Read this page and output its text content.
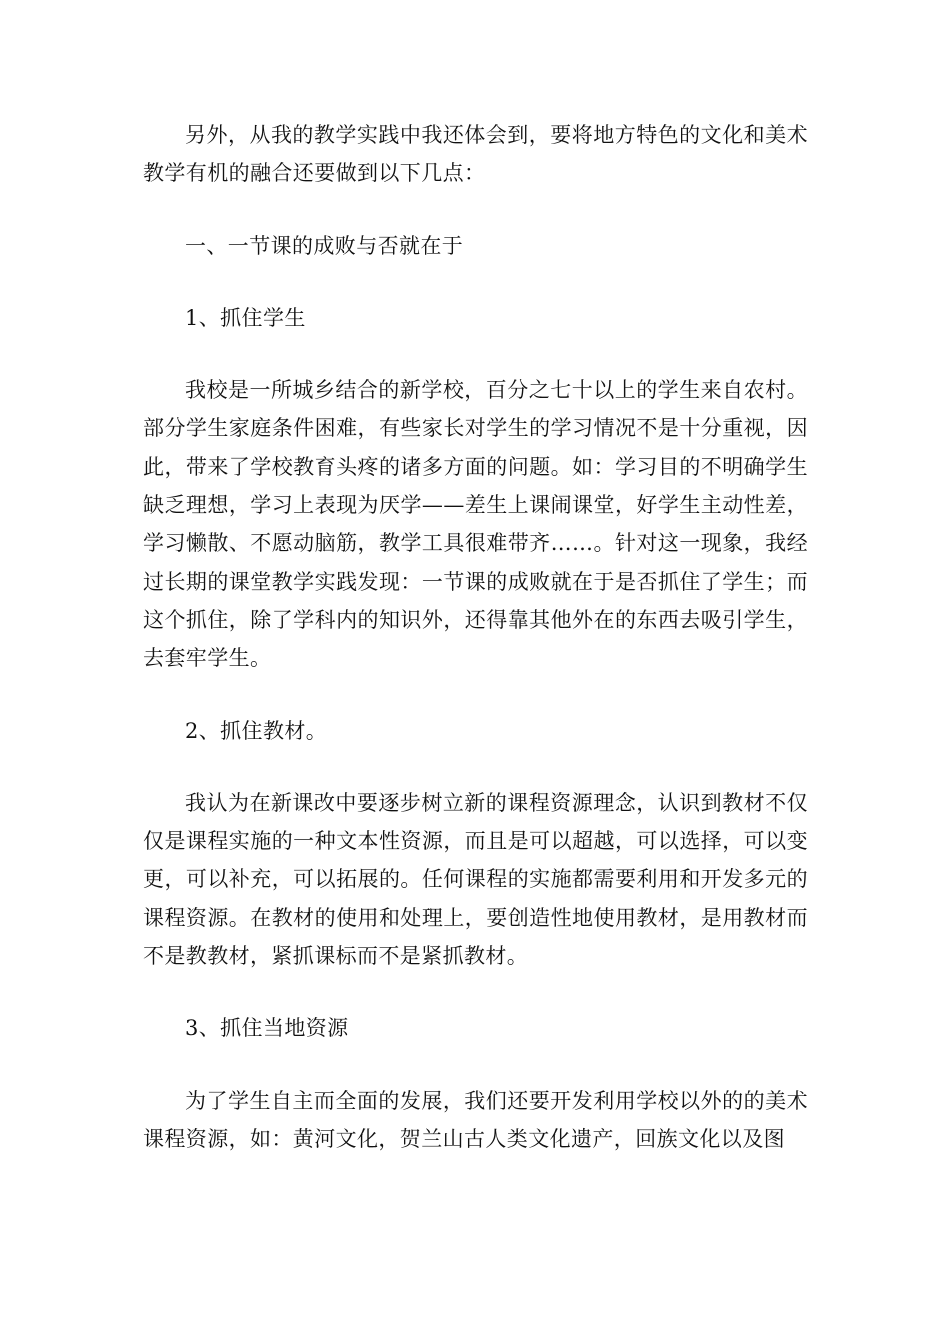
另外，从我的教学实践中我还体会到，要将地方特色的文化和美术教学有机的融合还要做到以下几点：

一、一节课的成败与否就在于

1、抓住学生

我校是一所城乡结合的新学校，百分之七十以上的学生来自农村。部分学生家庭条件困难，有些家长对学生的学习情况不是十分重视，因此，带来了学校教育头疼的诸多方面的问题。如：学习目的不明确学生缺乏理想，学习上表现为厌学——差生上课闹课堂，好学生主动性差，学习懒散、不愿动脑筋，教学工具很难带齐……。针对这一现象，我经过长期的课堂教学实践发现：一节课的成败就在于是否抓住了学生；而这个抓住，除了学科内的知识外，还得靠其他外在的东西去吸引学生，去套牢学生。

2、抓住教材。

我认为在新课改中要逐步树立新的课程资源理念，认识到教材不仅仅是课程实施的一种文本性资源，而且是可以超越，可以选择，可以变更，可以补充，可以拓展的。任何课程的实施都需要利用和开发多元的课程资源。在教材的使用和处理上，要创造性地使用教材，是用教材而不是教教材，紧抓课标而不是紧抓教材。

3、抓住当地资源

为了学生自主而全面的发展，我们还要开发利用学校以外的的美术课程资源，如：黄河文化，贺兰山古人类文化遗产，回族文化以及图
